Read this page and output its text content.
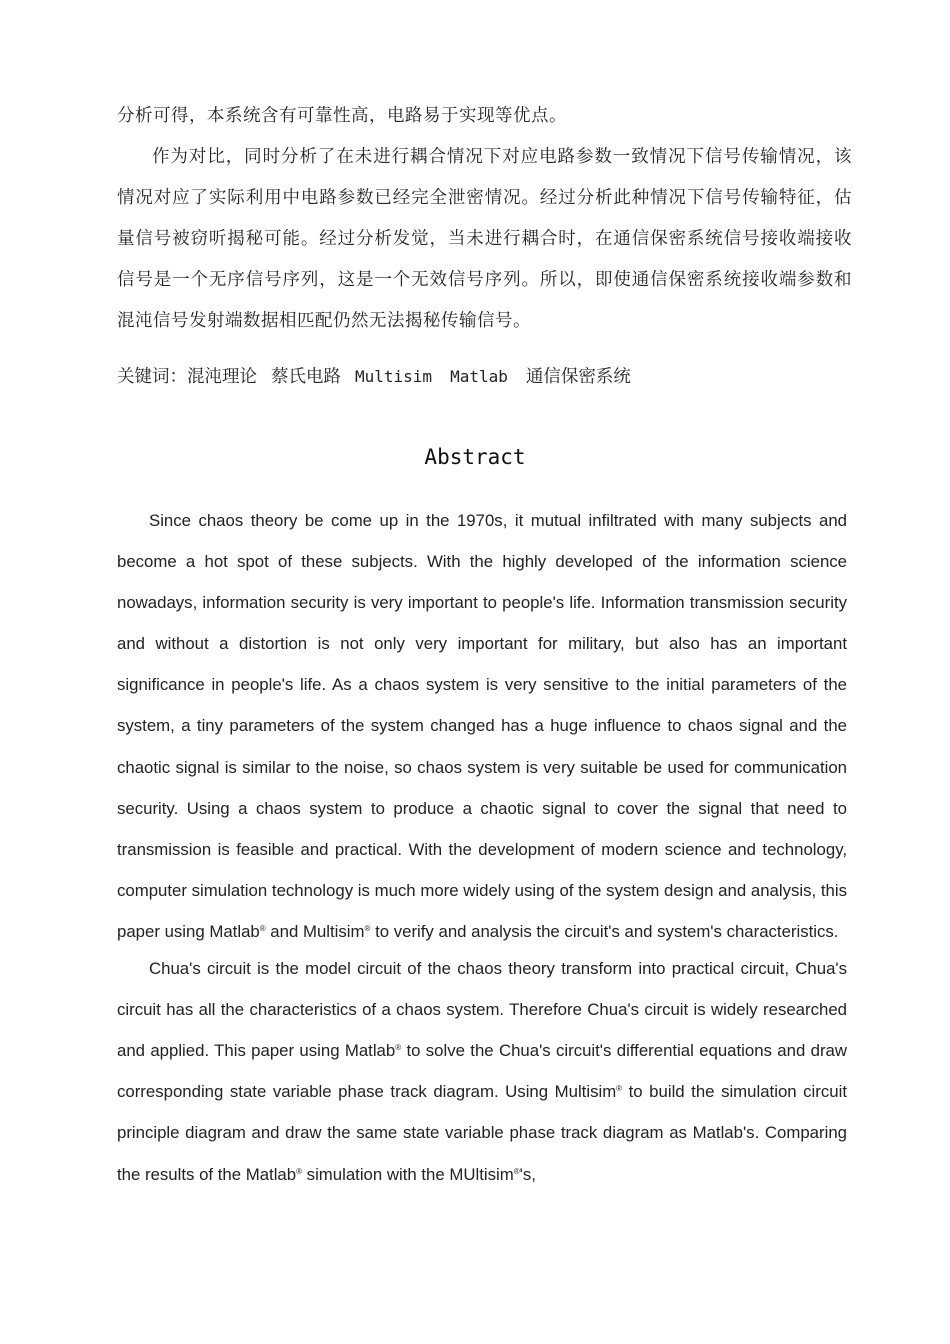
分析可得，本系统含有可靠性高，电路易于实现等优点。

作为对比，同时分析了在未进行耦合情况下对应电路参数一致情况下信号传输情况，该情况对应了实际利用中电路参数已经完全泄密情况。经过分析此种情况下信号传输特征，估量信号被窃听揭秘可能。经过分析发觉，当未进行耦合时，在通信保密系统信号接收端接收信号是一个无序信号序列，这是一个无效信号序列。所以，即使通信保密系统接收端参数和混沌信号发射端数据相匹配仍然无法揭秘传输信号。

关键词：混沌理论 蔡氏电路 Multisim Matlab 通信保密系统
Abstract

Since chaos theory be come up in the 1970s, it mutual infiltrated with many subjects and become a hot spot of these subjects. With the highly developed of the information science nowadays, information security is very important to people's life. Information transmission security and without a distortion is not only very important for military, but also has an important significance in people's life. As a chaos system is very sensitive to the initial parameters of the system, a tiny parameters of the system changed has a huge influence to chaos signal and the chaotic signal is similar to the noise, so chaos system is very suitable be used for communication security. Using a chaos system to produce a chaotic signal to cover the signal that need to transmission is feasible and practical. With the development of modern science and technology, computer simulation technology is much more widely using of the system design and analysis, this paper using Matlab® and Multisim® to verify and analysis the circuit's and system's characteristics.

Chua's circuit is the model circuit of the chaos theory transform into practical circuit, Chua's circuit has all the characteristics of a chaos system. Therefore Chua's circuit is widely researched and applied. This paper using Matlab® to solve the Chua's circuit's differential equations and draw corresponding state variable phase track diagram. Using Multisim® to build the simulation circuit principle diagram and draw the same state variable phase track diagram as Matlab's. Comparing the results of the Matlab® simulation with the MUltisim®'s,
